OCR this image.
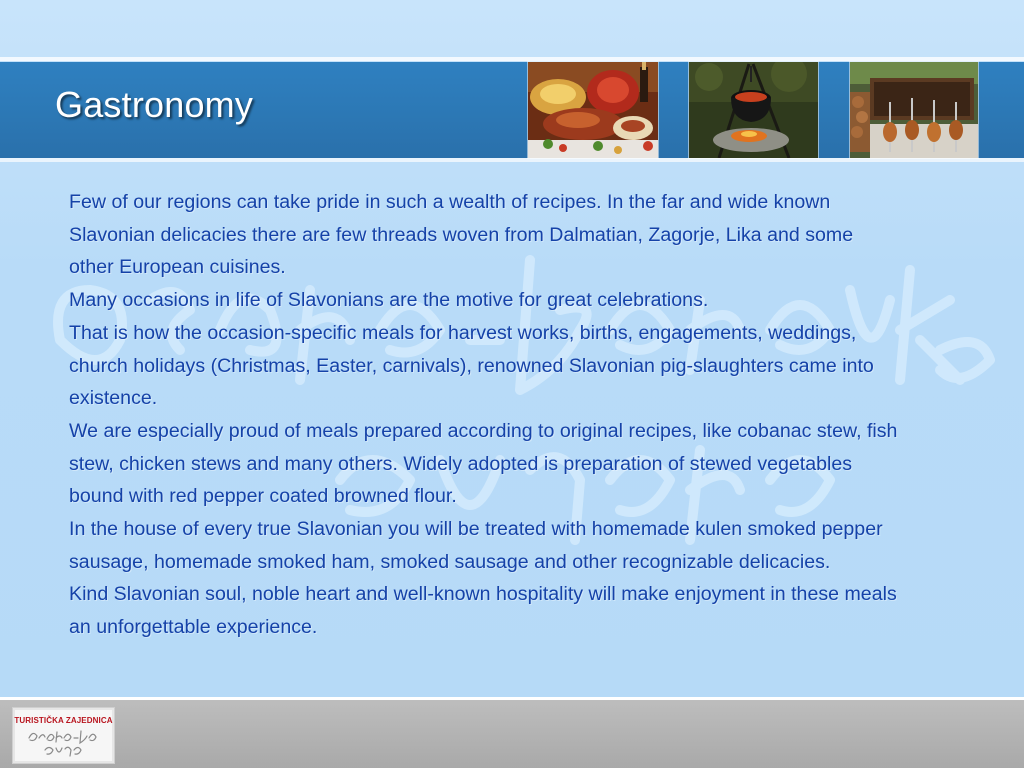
Gastronomy

Few of our regions can take pride in such a wealth of recipes. In the far and wide known Slavonian delicacies there are few threads woven from Dalmatian, Zagorje, Lika and some other European cuisines.

Many occasions in life of Slavonians are the motive for great celebrations.

That is how the occasion-specific meals for harvest works, births, engagements, weddings, church holidays (Christmas, Easter, carnivals), renowned Slavonian pig-slaughters came into existence.

We are especially proud of meals prepared according to original recipes, like cobanac stew, fish stew, chicken stews and many others. Widely adopted is preparation of stewed vegetables bound with red pepper coated browned flour.

In the house of every true Slavonian you will be treated with homemade kulen smoked pepper sausage, homemade smoked ham, smoked sausage and other recognizable delicacies.

Kind Slavonian soul, noble heart and well-known hospitality will make enjoyment in these meals an unforgettable experience.

TURISTIČKA ZAJEDNICA
